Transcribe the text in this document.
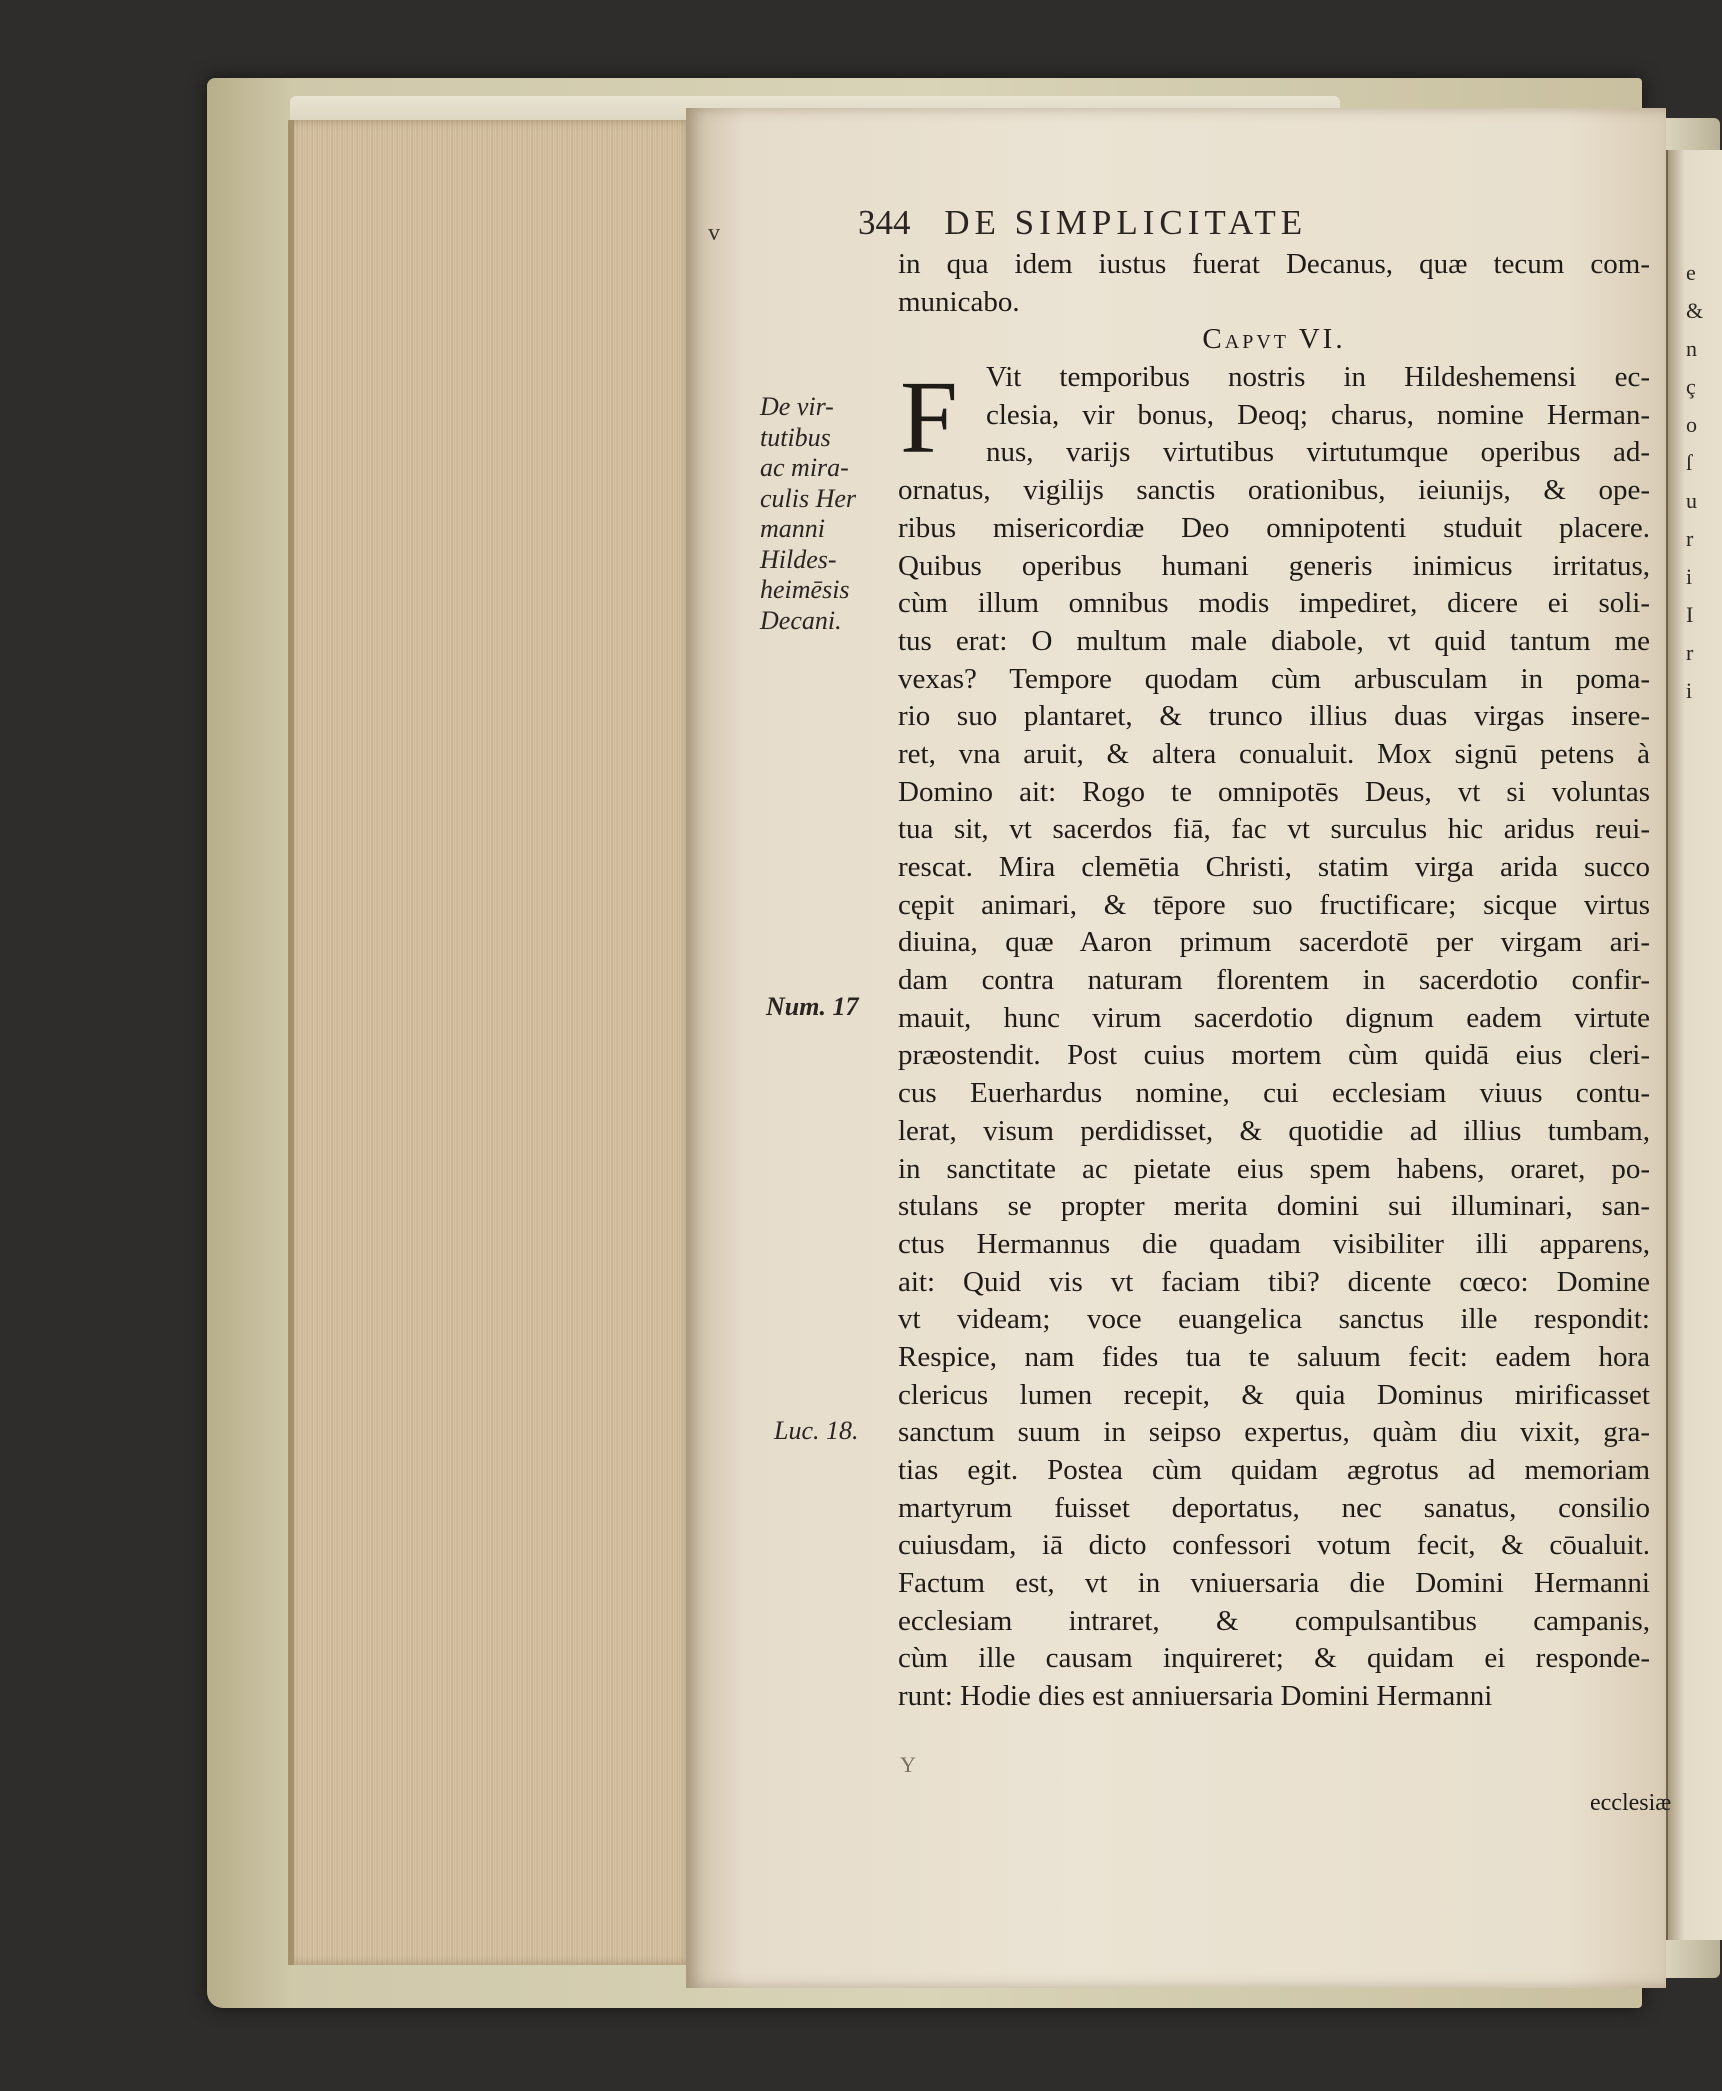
e
&
n
ç
o
ſ
u
r
i
I
r
i
344 DE SIMPLICITATE
F
in qua idem iustus fuerat Decanus, quæ tecum com-
municabo.
Capvt VI.
Vit temporibus nostris in Hildeshemensi ec-
clesia, vir bonus, Deoq; charus, nomine Herman-
nus, varijs virtutibus virtutumque operibus ad-
ornatus, vigilijs sanctis orationibus, ieiunijs, & ope-
ribus misericordiæ Deo omnipotenti studuit placere.
Quibus operibus humani generis inimicus irritatus,
cùm illum omnibus modis impediret, dicere ei soli-
tus erat: O multum male diabole, vt quid tantum me
vexas? Tempore quodam cùm arbusculam in poma-
rio suo plantaret, & trunco illius duas virgas insere-
ret, vna aruit, & altera conualuit. Mox signū petens à
Domino ait: Rogo te omnipotēs Deus, vt si voluntas
tua sit, vt sacerdos fiā, fac vt surculus hic aridus reui-
rescat. Mira clemētia Christi, statim virga arida succo
cępit animari, & tēpore suo fructificare; sicque virtus
diuina, quæ Aaron primum sacerdotē per virgam ari-
dam contra naturam florentem in sacerdotio confir-
mauit, hunc virum sacerdotio dignum eadem virtute
præostendit. Post cuius mortem cùm quidā eius cleri-
cus Euerhardus nomine, cui ecclesiam viuus contu-
lerat, visum perdidisset, & quotidie ad illius tumbam,
in sanctitate ac pietate eius spem habens, oraret, po-
stulans se propter merita domini sui illuminari, san-
ctus Hermannus die quadam visibiliter illi apparens,
ait: Quid vis vt faciam tibi? dicente cœco: Domine
vt videam; voce euangelica sanctus ille respondit:
Respice, nam fides tua te saluum fecit: eadem hora
clericus lumen recepit, & quia Dominus mirificasset
sanctum suum in seipso expertus, quàm diu vixit, gra-
tias egit. Postea cùm quidam ægrotus ad memoriam
martyrum fuisset deportatus, nec sanatus, consilio
cuiusdam, iā dicto confessori votum fecit, & cōualuit.
Factum est, vt in vniuersaria die Domini Hermanni
ecclesiam intraret, & compulsantibus campanis,
cùm ille causam inquireret; & quidam ei responde-
runt: Hodie dies est anniuersaria Domini Hermanni
De vir-
tutibus
ac mira-
culis Her
manni
Hildes-
heimēsis
Decani.
Num. 17
Luc. 18.
Y
ecclesiæ
v
